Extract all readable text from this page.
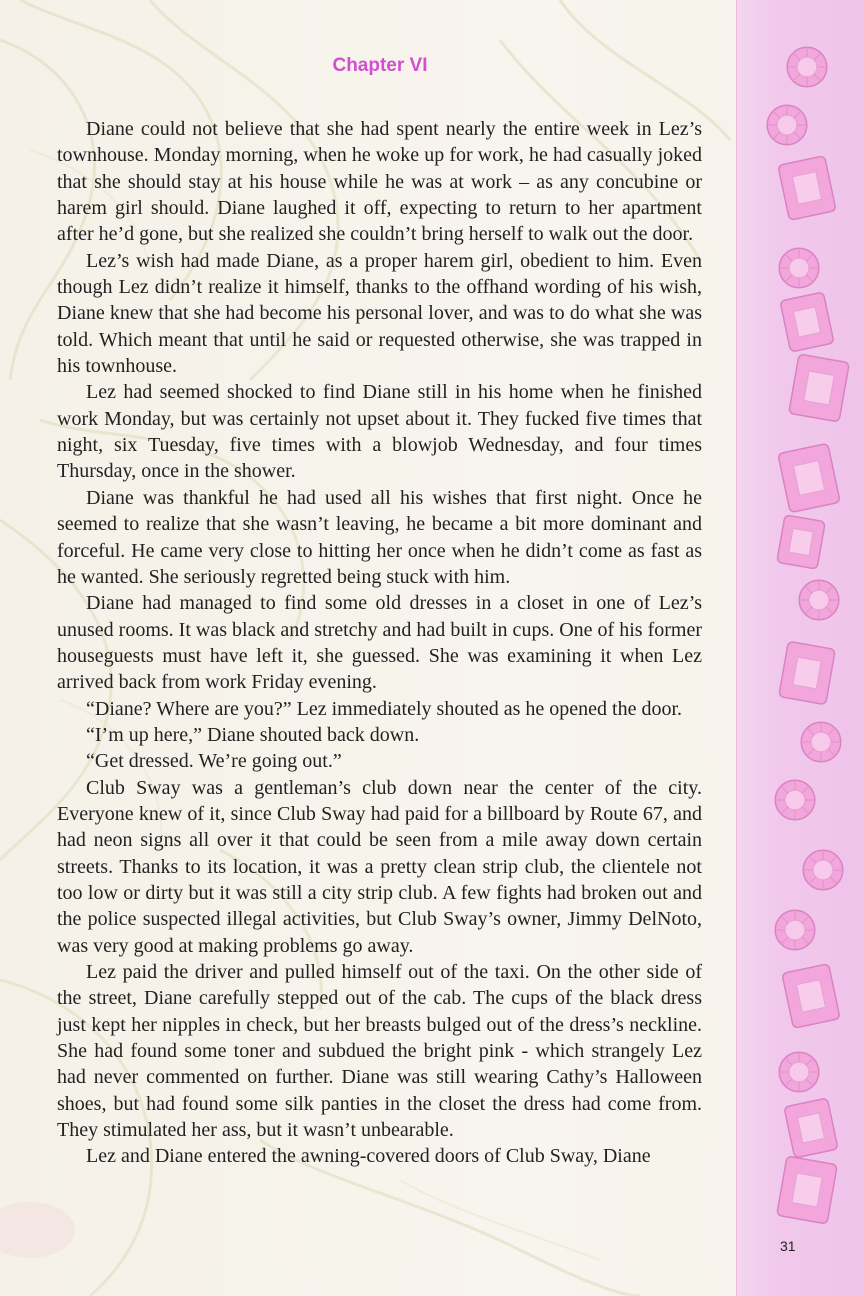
Chapter VI

Diane could not believe that she had spent nearly the entire week in Lez’s townhouse. Monday morning, when he woke up for work, he had casually joked that she should stay at his house while he was at work – as any concubine or harem girl should. Diane laughed it off, expecting to return to her apartment after he’d gone, but she realized she couldn’t bring herself to walk out the door.

Lez’s wish had made Diane, as a proper harem girl, obedient to him. Even though Lez didn’t realize it himself, thanks to the offhand wording of his wish, Diane knew that she had become his personal lover, and was to do what she was told. Which meant that until he said or requested otherwise, she was trapped in his townhouse.

Lez had seemed shocked to find Diane still in his home when he finished work Monday, but was certainly not upset about it. They fucked five times that night, six Tuesday, five times with a blowjob Wednesday, and four times Thursday, once in the shower.

Diane was thankful he had used all his wishes that first night. Once he seemed to realize that she wasn’t leaving, he became a bit more dominant and forceful. He came very close to hitting her once when he didn’t come as fast as he wanted. She seriously regretted being stuck with him.

Diane had managed to find some old dresses in a closet in one of Lez’s unused rooms. It was black and stretchy and had built in cups. One of his former houseguests must have left it, she guessed. She was examining it when Lez arrived back from work Friday evening.

“Diane? Where are you?” Lez immediately shouted as he opened the door.

“I’m up here,” Diane shouted back down.

“Get dressed. We’re going out.”

Club Sway was a gentleman’s club down near the center of the city. Everyone knew of it, since Club Sway had paid for a billboard by Route 67, and had neon signs all over it that could be seen from a mile away down certain streets. Thanks to its location, it was a pretty clean strip club, the clientele not too low or dirty but it was still a city strip club. A few fights had broken out and the police suspected illegal activities, but Club Sway’s owner, Jimmy DelNoto, was very good at making problems go away.

Lez paid the driver and pulled himself out of the taxi. On the other side of the street, Diane carefully stepped out of the cab. The cups of the black dress just kept her nipples in check, but her breasts bulged out of the dress’s neckline. She had found some toner and subdued the bright pink - which strangely Lez had never commented on further. Diane was still wearing Cathy’s Halloween shoes, but had found some silk panties in the closet the dress had come from. They stimulated her ass, but it wasn’t unbearable.

Lez and Diane entered the awning-covered doors of Club Sway, Diane

31
